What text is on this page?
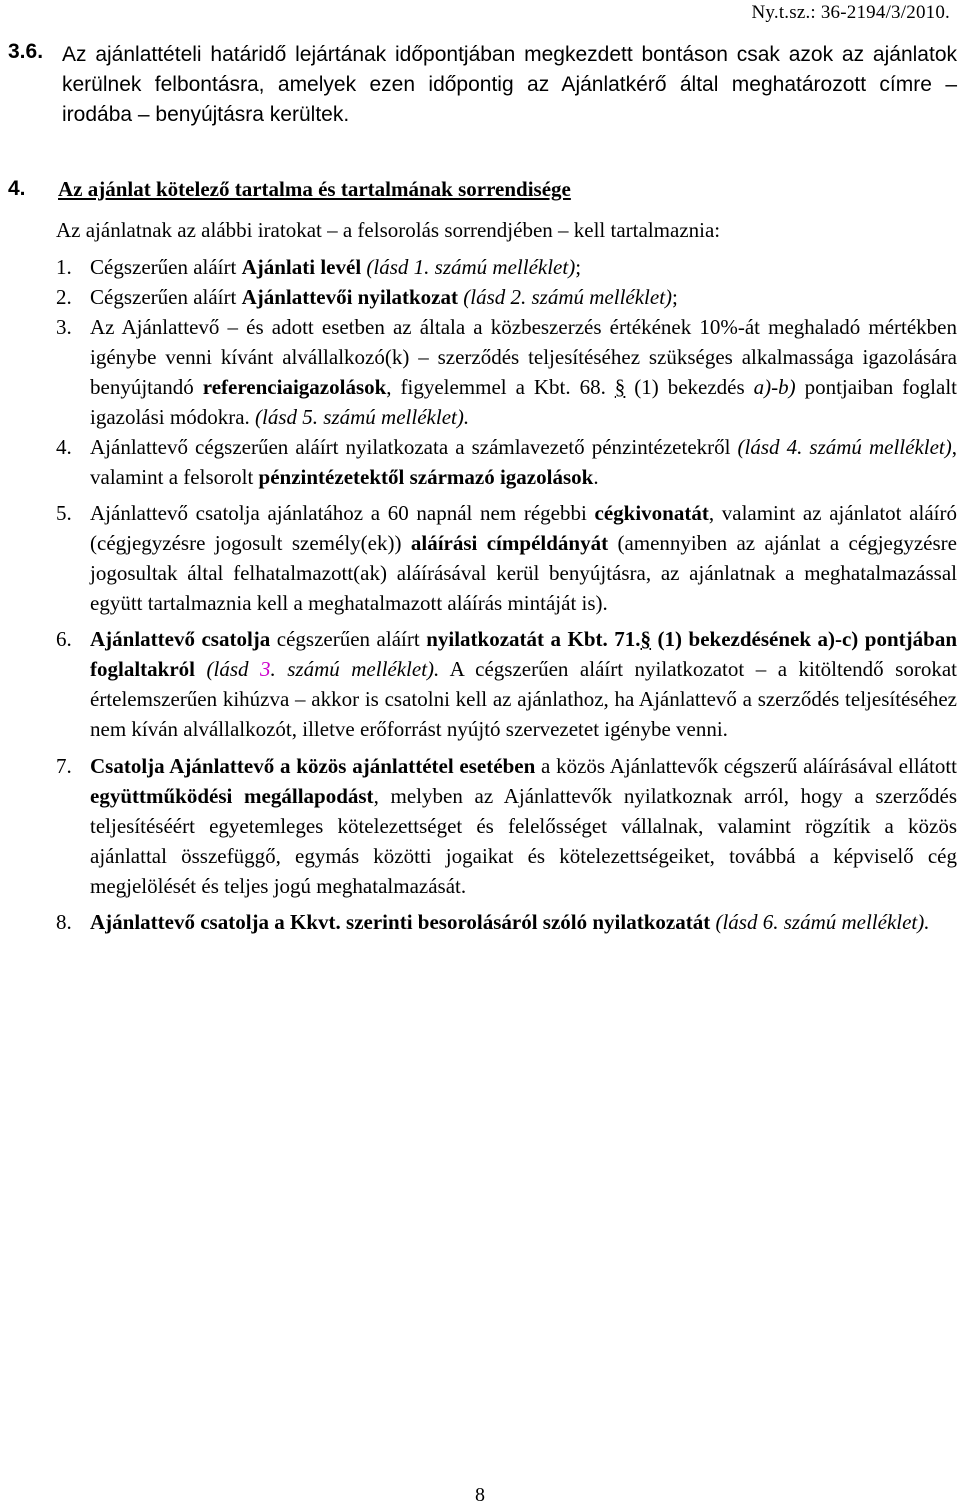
Ny.t.sz.: 36-2194/3/2010.
3.6. Az ajánlattételi határidő lejártának időpontjában megkezdett bontáson csak azok az ajánlatok kerülnek felbontásra, amelyek ezen időpontig az Ajánlatkérő által meghatározott címre – irodába – benyújtásra kerültek.
4. Az ajánlat kötelező tartalma és tartalmának sorrendisége
Az ajánlatnak az alábbi iratokat – a felsorolás sorrendjében – kell tartalmaznia:
1. Cégszerűen aláírt Ajánlati levél (lásd 1. számú melléklet);
2. Cégszerűen aláírt Ajánlattevői nyilatkozat (lásd 2. számú melléklet);
3. Az Ajánlattevő – és adott esetben az általa a közbeszerzés értékének 10%-át meghaladó mértékben igénybe venni kívánt alvállalkozó(k) – szerződés teljesítéséhez szükséges alkalmassága igazolására benyújtandó referenciaigazolások, figyelemmel a Kbt. 68. § (1) bekezdés a)-b) pontjaiban foglalt igazolási módokra. (lásd 5. számú melléklet).
4. Ajánlattevő cégszerűen aláírt nyilatkozata a számlavezető pénzintézetekről (lásd 4. számú melléklet), valamint a felsorolt pénzintézetektől származó igazolások.
5. Ajánlattevő csatolja ajánlatához a 60 napnál nem régebbi cégkivonatát, valamint az ajánlatot aláíró (cégjegyzésre jogosult személy(ek)) aláírási címpéldányát (amennyiben az ajánlat a cégjegyzésre jogosultak által felhatalmazott(ak) aláírásával kerül benyújtásra, az ajánlatnak a meghatalmazással együtt tartalmaznia kell a meghatalmazott aláírás mintáját is).
6. Ajánlattevő csatolja cégszerűen aláírt nyilatkozatát a Kbt. 71.§ (1) bekezdésének a)-c) pontjában foglaltakról (lásd 3. számú melléklet). A cégszerűen aláírt nyilatkozatot – a kitöltendő sorokat értelemszerűen kihúzva – akkor is csatolni kell az ajánlathoz, ha Ajánlattevő a szerződés teljesítéséhez nem kíván alvállalkozót, illetve erőforrást nyújtó szervezetet igénybe venni.
7. Csatolja Ajánlattevő a közös ajánlattétel esetében a közös Ajánlattevők cégszerű aláírásával ellátott együttműködési megállapodást, melyben az Ajánlattevők nyilatkoznak arról, hogy a szerződés teljesítéséért egyetemleges kötelezettséget és felelősséget vállalnak, valamint rögzítik a közös ajánlattal összefüggő, egymás közötti jogaikat és kötelezettségeiket, továbbá a képviselő cég megjelölését és teljes jogú meghatalmazását.
8. Ajánlattevő csatolja a Kkvt. szerinti besorolásáról szóló nyilatkozatát (lásd 6. számú melléklet).
8
